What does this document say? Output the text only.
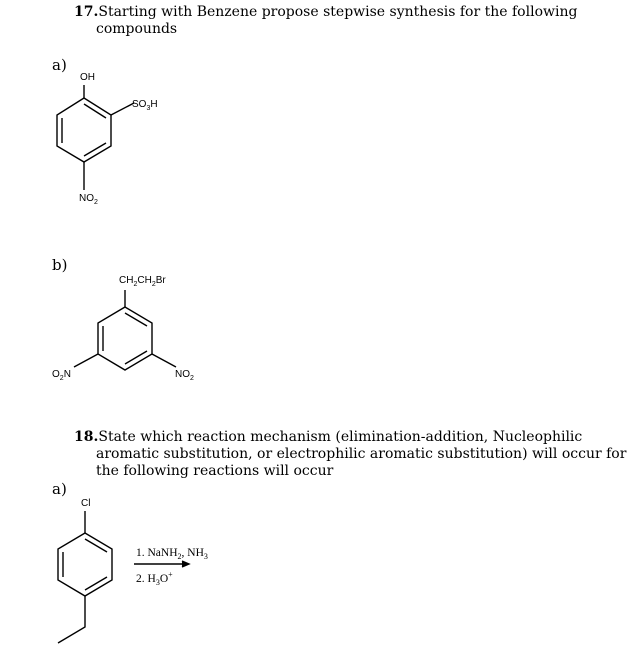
17.Starting with Benzene propose stepwise synthesis for the following
compounds
a)
OH
$SO_3H$
$NO_2$
b)
$CH_2CH_2Br$
$O_2N$	$NO_2$
18.State which reaction mechanism (elimination-addition, Nucleophilic
aromatic substitution, or electrophilic aromatic substitution) will occur for
the following reactions will occur
a)
Cl
1. NaNH$_2$, $NH_3$
2. $H_3O^+$
